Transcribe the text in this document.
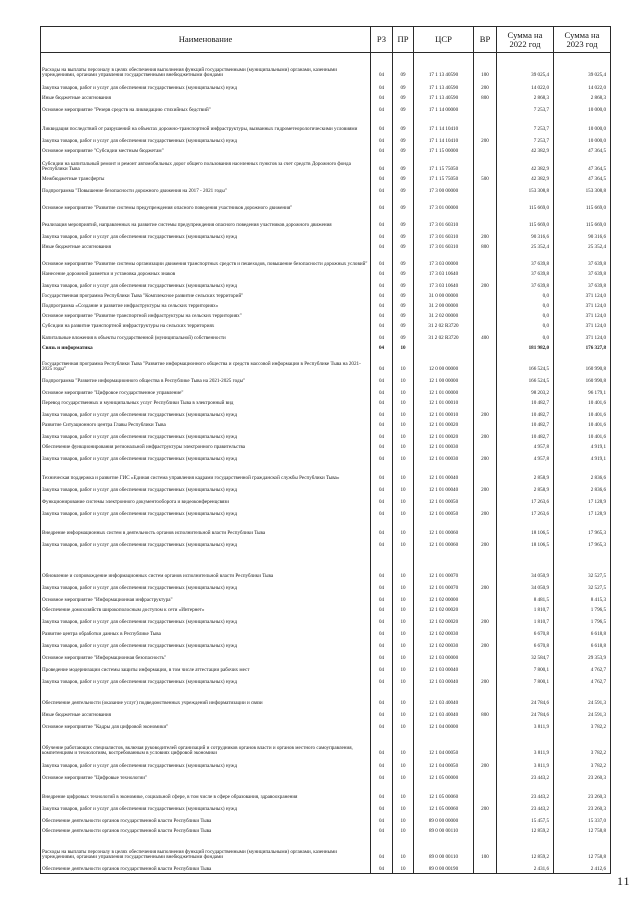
Наименование	РЗ	ПР	ЦСР	ВР	Сумма на 2022 год	Сумма на 2023 год
Расходы на выплаты персоналу в целях обеспечения выполнения функций государственными (муниципальными) органами, казенными учреждениями, органами управления государственными внебюджетными фондами	04	09	17 1 13 40590	100	39 025,4	39 025,4
Закупка товаров, работ и услуг для обеспечения государственных (муниципальных) нужд	04	09	17 1 13 40590	200	14 022,0	14 022,0
Иные бюджетные ассигнования	04	09	17 1 13 40590	800	2 868,3	2 868,3
Основное мероприятие "Резерв средств на ликвидацию стихийных бедствий"	04	09	17 1 14 00000		7 253,7	10 000,0
Ликвидация последствий от разрушений на объектах дорожно-транспортной инфраструктуры, вызванных гидрометеорологическими условиями	04	09	17 1 14 10410		7 253,7	10 000,0
Закупка товаров, работ и услуг для обеспечения государственных (муниципальных) нужд	04	09	17 1 14 10410	200	7 253,7	10 000,0
Основное мероприятие "Субсидии местным бюджетам"	04	09	17 1 15 00000		42 382,9	47 364,5
Субсидии на капитальный ремонт и ремонт автомобильных дорог общего пользования населенных пунктов за счет средств Дорожного фонда Республики Тыва	04	09	17 1 15 75050		42 382,9	47 364,5
Межбюджетные трансферты	04	09	17 1 15 75050	500	42 382,9	47 364,5
Подпрограмма "Повышение безопасности дорожного движения на 2017 - 2021 годы"	04	09	17 3 00 00000		153 308,8	153 308,8
Основное мероприятие "Развитие системы предупреждения опасного поведения участников дорожного движения"	04	09	17 3 01 00000		115 669,0	115 669,0
Реализация мероприятий, направленных на развитие системы предупреждения опасного поведения участников дорожного движения	04	09	17 3 01 60310		115 669,0	115 669,0
Закупка товаров, работ и услуг для обеспечения государственных (муниципальных) нужд	04	09	17 3 01 60310	200	90 316,6	90 316,6
Иные бюджетные ассигнования	04	09	17 3 01 60310	800	25 352,4	25 352,4
Основное мероприятие "Развитие системы организации движения транспортных средств и пешеходов, повышение безопасности дорожных условий"	04	09	17 3 03 00000		37 639,8	37 639,8
Нанесение дорожной разметки и установка дорожных знаков	04	09	17 3 03 10640		37 639,8	37 639,8
Закупка товаров, работ и услуг для обеспечения государственных (муниципальных) нужд	04	09	17 3 03 10640	200	37 639,8	37 639,8
Государственная программа Республики Тыва "Комплексное развитие сельских территорий"	04	09	31 0 00 00000		0,0	371 124,0
Подпрограмма «Создание и развитие инфраструктуры на сельских территориях»	04	09	31 2 00 00000		0,0	371 124,0
Основное мероприятие "Развитие транспортной инфраструктуры на сельских территориях"	04	09	31 2 02 00000		0,0	371 124,0
Субсидии на развитие транспортной инфраструктуры на сельских территориях	04	09	31 2 02 R3720		0,0	371 124,0
Капитальные вложения в объекты государственной (муниципальной) собственности	04	09	31 2 02 R3720	400	0,0	371 124,0
Связь и информатика	04	10			181 982,0	176 327,8
Государственная программа Республики Тыва "Развитие информационного общества и средств массовой информации в Республике Тыва на 2021-2025 годы"	04	10	12 0 00 00000		166 524,5	160 990,8
Подпрограмма "Развитие информационного общества в Республике Тыва на 2021-2025 годы"	04	10	12 1 00 00000		166 524,5	160 990,8
Основное мероприятие "Цифровое государственное управление"	04	10	12 1 01 00000		98 203,2	96 179,1
Перевод государственных и муниципальных услуг Республики Тыва в электронный вид	04	10	12 1 01 00010		10 482,7	10 401,6
Закупка товаров, работ и услуг для обеспечения государственных (муниципальных) нужд	04	10	12 1 01 00010	200	10 482,7	10 401,6
Развитие Ситуационного центра Главы Республики Тыва	04	10	12 1 01 00020		10 482,7	10 401,6
Закупка товаров, работ и услуг для обеспечения государственных (муниципальных) нужд	04	10	12 1 01 00020	200	10 482,7	10 401,6
Обеспечение функционирования региональной инфраструктуры электронного правительства	04	10	12 1 01 00030		4 957,8	4 919,1
Закупка товаров, работ и услуг для обеспечения государственных (муниципальных) нужд	04	10	12 1 01 00030	200	4 957,8	4 919,1
Техническая поддержка и развитие ГИС «Единая система управления кадрами государственной гражданской службы Республики Тыва»	04	10	12 1 01 00040		2 858,9	2 836,6
Закупка товаров, работ и услуг для обеспечения государственных (муниципальных) нужд	04	10	12 1 01 00040	200	2 858,9	2 836,6
Функционирование системы электронного документооборота и видеоконференцсвязи	04	10	12 1 01 00050		17 263,6	17 128,9
Закупка товаров, работ и услуг для обеспечения государственных (муниципальных) нужд	04	10	12 1 01 00050	200	17 263,6	17 128,9
Внедрение информационных систем в деятельность органов исполнительной власти Республики Тыва	04	10	12 1 01 00060		18 106,5	17 965,3
Закупка товаров, работ и услуг для обеспечения государственных (муниципальных) нужд	04	10	12 1 01 00060	200	18 106,5	17 965,3
Обновление и сопровождение информационных систем органов исполнительной власти Республики Тыва	04	10	12 1 01 00070		34 050,9	32 527,5
Закупка товаров, работ и услуг для обеспечения государственных (муниципальных) нужд	04	10	12 1 01 00070	200	34 050,9	32 527,5
Основное мероприятие "Информационная инфраструктура"	04	10	12 1 02 00000		8 481,5	8 415,3
Обеспечение домохозяйств широкополосным доступом к сети «Интернет»	04	10	12 1 02 00020		1 810,7	1 796,5
Закупка товаров, работ и услуг для обеспечения государственных (муниципальных) нужд	04	10	12 1 02 00020	200	1 810,7	1 796,5
Развитие центра обработки данных в Республике Тыва	04	10	12 1 02 00030		6 670,8	6 618,8
Закупка товаров, работ и услуг для обеспечения государственных (муниципальных) нужд	04	10	12 1 02 00030	200	6 670,8	6 618,8
Основное мероприятие "Информационная безопасность"	04	10	12 1 03 00000		32 584,7	29 353,9
Проведение модернизации системы защиты информации, в том числе аттестации рабочих мест	04	10	12 1 03 00040		7 800,1	4 762,7
Закупка товаров, работ и услуг для обеспечения государственных (муниципальных) нужд	04	10	12 1 03 00040	200	7 800,1	4 762,7
Обеспечение деятельности (оказание услуг) подведомственных учреждений информатизации и связи	04	10	12 1 03 40040		24 784,6	24 591,3
Иные бюджетные ассигнования	04	10	12 1 03 40040	800	24 784,6	24 591,3
Основное мероприятие "Кадры для цифровой экономики"	04	10	12 1 04 00000		3 811,9	3 782,2
Обучение работающих специалистов, включая руководителей организаций и сотрудников органов власти и органов местного самоуправления, компетенциям и технологиям, востребованным в условиях цифровой экономики	04	10	12 1 04 00050		3 811,9	3 782,2
Закупка товаров, работ и услуг для обеспечения государственных (муниципальных) нужд	04	10	12 1 04 00050	200	3 811,9	3 782,2
Основное мероприятие "Цифровые технологии"	04	10	12 1 05 00000		23 443,2	23 260,3
Внедрение цифровых технологий в экономике, социальной сфере, в том числе в сфере образования, здравоохранения	04	10	12 1 05 00060		23 443,2	23 260,3
Закупка товаров, работ и услуг для обеспечения государственных (муниципальных) нужд	04	10	12 1 05 00060	200	23 443,2	23 260,3
Обеспечение деятельности органов государственной власти Республики Тыва	04	10	89 0 00 00000		15 457,5	15 337,0
Обеспечение деятельности органов государственной власти Республики Тыва	04	10	89 0 00 00110		12 859,2	12 758,8
Расходы на выплаты персоналу в целях обеспечения выполнения функций государственными (муниципальными) органами, казенными учреждениями, органами управления государственными внебюджетными фондами	04	10	89 0 00 00110	100	12 859,2	12 758,8
Обеспечение деятельности органов государственной власти Республики Тыва	04	10	89 0 00 00190		2 431,6	2 412,6
11
